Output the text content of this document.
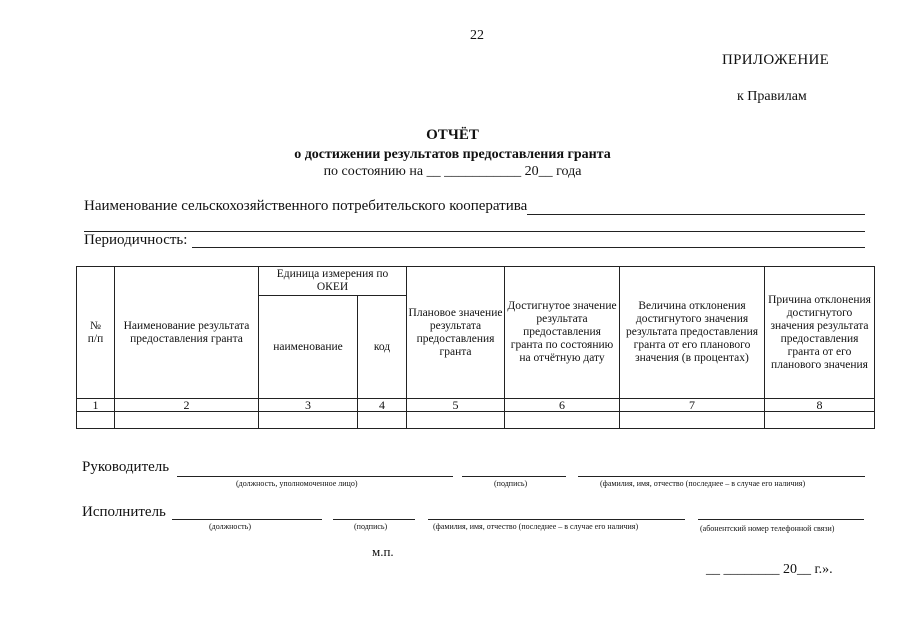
22
ПРИЛОЖЕНИЕ
к Правилам
ОТЧЁТ
о достижении результатов предоставления гранта
по состоянию на __ ___________ 20__ года
Наименование сельскохозяйственного потребительского кооператива
Периодичность:
№
п/п	Наименование результата предоставления гранта	Единица измерения по ОКЕИ		Плановое значение результата предоставления гранта	Достигнутое значение результата предоставления гранта по состоянию на отчётную дату	Величина отклонения достигнутого значения результата предоставления гранта от его планового значения (в процентах)	Причина отклонения достигнутого значения результата предоставления гранта от его планового значения
		наименование	код				
1	2	3	4	5	6	7	8

Руководитель
(должность, уполномоченное лицо)	(подпись)	(фамилия, имя, отчество (последнее – в случае его наличия)
Исполнитель
(должность)	(подпись)	(фамилия, имя, отчество (последнее – в случае его наличия)	(абонентский номер телефонной связи)
м.п.
__ ________ 20__ г.».
